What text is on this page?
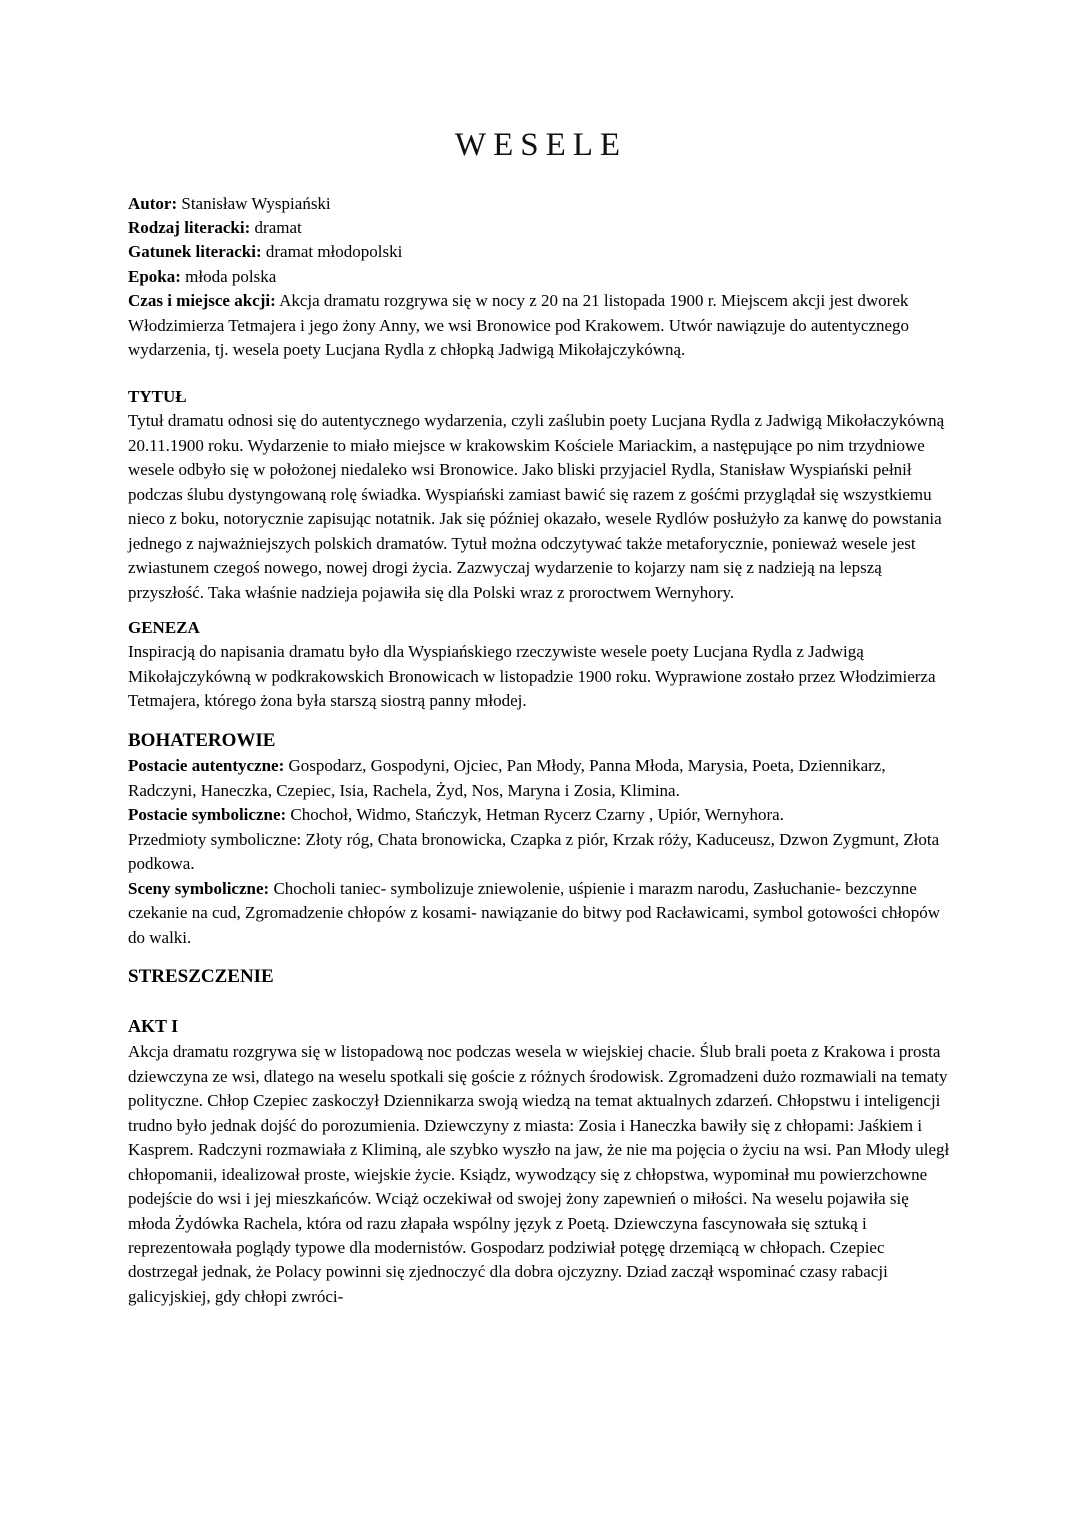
WESELE

Autor: Stanisław Wyspiański

Rodzaj literacki: dramat

Gatunek literacki: dramat młodopolski

Epoka: młoda polska

Czas i miejsce akcji: Akcja dramatu rozgrywa się w nocy z 20 na 21 listopada 1900 r. Miejscem akcji jest dworek Włodzimierza Tetmajera i jego żony Anny, we wsi Bronowice pod Krakowem. Utwór nawiązuje do autentycznego wydarzenia, tj. wesela poety Lucjana Rydla z chłopką Jadwigą Mikołajczykówną.

TYTUŁ

Tytuł dramatu odnosi się do autentycznego wydarzenia, czyli zaślubin poety Lucjana Rydla z Jadwigą Mikołaczykówną 20.11.1900 roku. Wydarzenie to miało miejsce w krakowskim Kościele Mariackim, a następujące po nim trzydniowe wesele odbyło się w położonej niedaleko wsi Bronowice. Jako bliski przyjaciel Rydla, Stanisław Wyspiański pełnił podczas ślubu dystyngowaną rolę świadka. Wyspiański zamiast bawić się razem z gośćmi przyglądał się wszystkiemu nieco z boku, notorycznie zapisując notatnik. Jak się później okazało, wesele Rydlów posłużyło za kanwę do powstania jednego z najważniejszych polskich dramatów. Tytuł można odczytywać także metaforycznie, ponieważ wesele jest zwiastunem czegoś nowego, nowej drogi życia. Zazwyczaj wydarzenie to kojarzy nam się z nadzieją na lepszą przyszłość. Taka właśnie nadzieja pojawiła się dla Polski wraz z proroctwem Wernyhory.

GENEZA

Inspiracją do napisania dramatu było dla Wyspiańskiego rzeczywiste wesele poety Lucjana Rydla z Jadwigą Mikołajczykówną w podkrakowskich Bronowicach w listopadzie 1900 roku. Wyprawione zostało przez Włodzimierza Tetmajera, którego żona była starszą siostrą panny młodej.

BOHATEROWIE

Postacie autentyczne: Gospodarz, Gospodyni, Ojciec, Pan Młody, Panna Młoda, Marysia, Poeta, Dziennikarz, Radczyni, Haneczka, Czepiec, Isia, Rachela, Żyd, Nos, Maryna i Zosia, Klimina.

Postacie symboliczne: Chochoł, Widmo, Stańczyk, Hetman Rycerz Czarny , Upiór, Wernyhora.

Przedmioty symboliczne: Złoty róg, Chata bronowicka, Czapka z piór, Krzak róży, Kaduceusz, Dzwon Zygmunt, Złota podkowa.

Sceny symboliczne: Chocholi taniec- symbolizuje zniewolenie, uśpienie i marazm narodu, Zasłuchanie- bezczynne czekanie na cud, Zgromadzenie chłopów z kosami- nawiązanie do bitwy pod Racławicami, symbol gotowości chłopów do walki.

STRESZCZENIE
AKT I

Akcja dramatu rozgrywa się w listopadową noc podczas wesela w wiejskiej chacie. Ślub brali poeta z Krakowa i prosta dziewczyna ze wsi, dlatego na weselu spotkali się goście z różnych środowisk. Zgromadzeni dużo rozmawiali na tematy polityczne. Chłop Czepiec zaskoczył Dziennikarza swoją wiedzą na temat aktualnych zdarzeń. Chłopstwu i inteligencji trudno było jednak dojść do porozumienia. Dziewczyny z miasta: Zosia i Haneczka bawiły się z chłopami: Jaśkiem i Kasprem. Radczyni rozmawiała z Kliminą, ale szybko wyszło na jaw, że nie ma pojęcia o życiu na wsi. Pan Młody uległ chłopomanii, idealizował proste, wiejskie życie. Ksiądz, wywodzący się z chłopstwa, wypominał mu powierzchowne podejście do wsi i jej mieszkańców. Wciąż oczekiwał od swojej żony zapewnień o miłości. Na weselu pojawiła się młoda Żydówka Rachela, która od razu złapała wspólny język z Poetą. Dziewczyna fascynowała się sztuką i reprezentowała poglądy typowe dla modernistów. Gospodarz podziwiał potęgę drzemiącą w chłopach. Czepiec dostrzegał jednak, że Polacy powinni się zjednoczyć dla dobra ojczyzny. Dziad zaczął wspominać czasy rabacji galicyjskiej, gdy chłopi zwróci-
